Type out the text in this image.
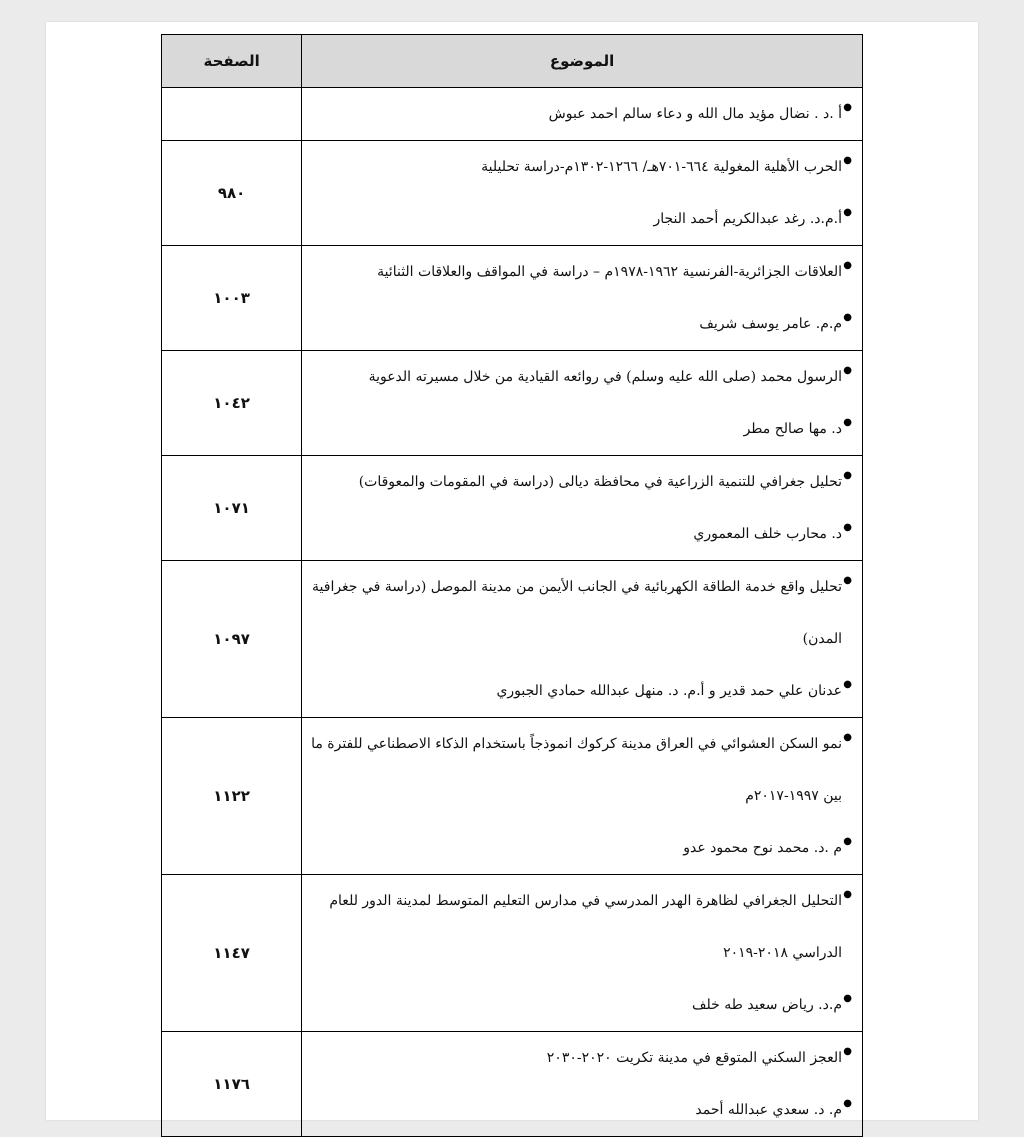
الموضوع	الصفحة

●
أ .د . نضال مؤيد مال الله و دعاء سالم احمد عبوش	

●
الحرب الأهلية المغولية ٦٦٤-٧٠١هـ/ ١٢٦٦-١٣٠٢م-دراسة تحليلية
●
أ.م.د. رغد عبدالكريم أحمد النجار	٩٨٠

●
العلاقات الجزائرية-الفرنسية ١٩٦٢-١٩٧٨م – دراسة في المواقف والعلاقات الثنائية
●
م.م. عامر يوسف شريف	١٠٠٣

●
الرسول محمد (صلى الله عليه وسلم) في روائعه القيادية من خلال مسيرته الدعوية
●
د. مها صالح مطر	١٠٤٢

●
تحليل جغرافي للتنمية الزراعية في محافظة ديالى (دراسة في المقومات والمعوقات)
●
د. محارب خلف المعموري	١٠٧١

●
تحليل واقع خدمة الطاقة الكهربائية في الجانب الأيمن من مدينة الموصل (دراسة في جغرافية المدن)
●
عدنان علي حمد قدير و أ.م. د. منهل عبدالله حمادي الجبوري	١٠٩٧

●
نمو السكن العشوائي في العراق مدينة كركوك انموذجاً باستخدام الذكاء الاصطناعي للفترة ما بين ١٩٩٧-٢٠١٧م
●
م .د. محمد نوح محمود عدو	١١٢٢

●
التحليل الجغرافي لظاهرة الهدر المدرسي في مدارس التعليم المتوسط لمدينة الدور للعام الدراسي ٢٠١٨-٢٠١٩
●
م.د. رياض سعيد طه خلف	١١٤٧

●
العجز السكني المتوقع في مدينة تكريت ٢٠٢٠-٢٠٣٠
●
م. د. سعدي عبدالله أحمد	١١٧٦
